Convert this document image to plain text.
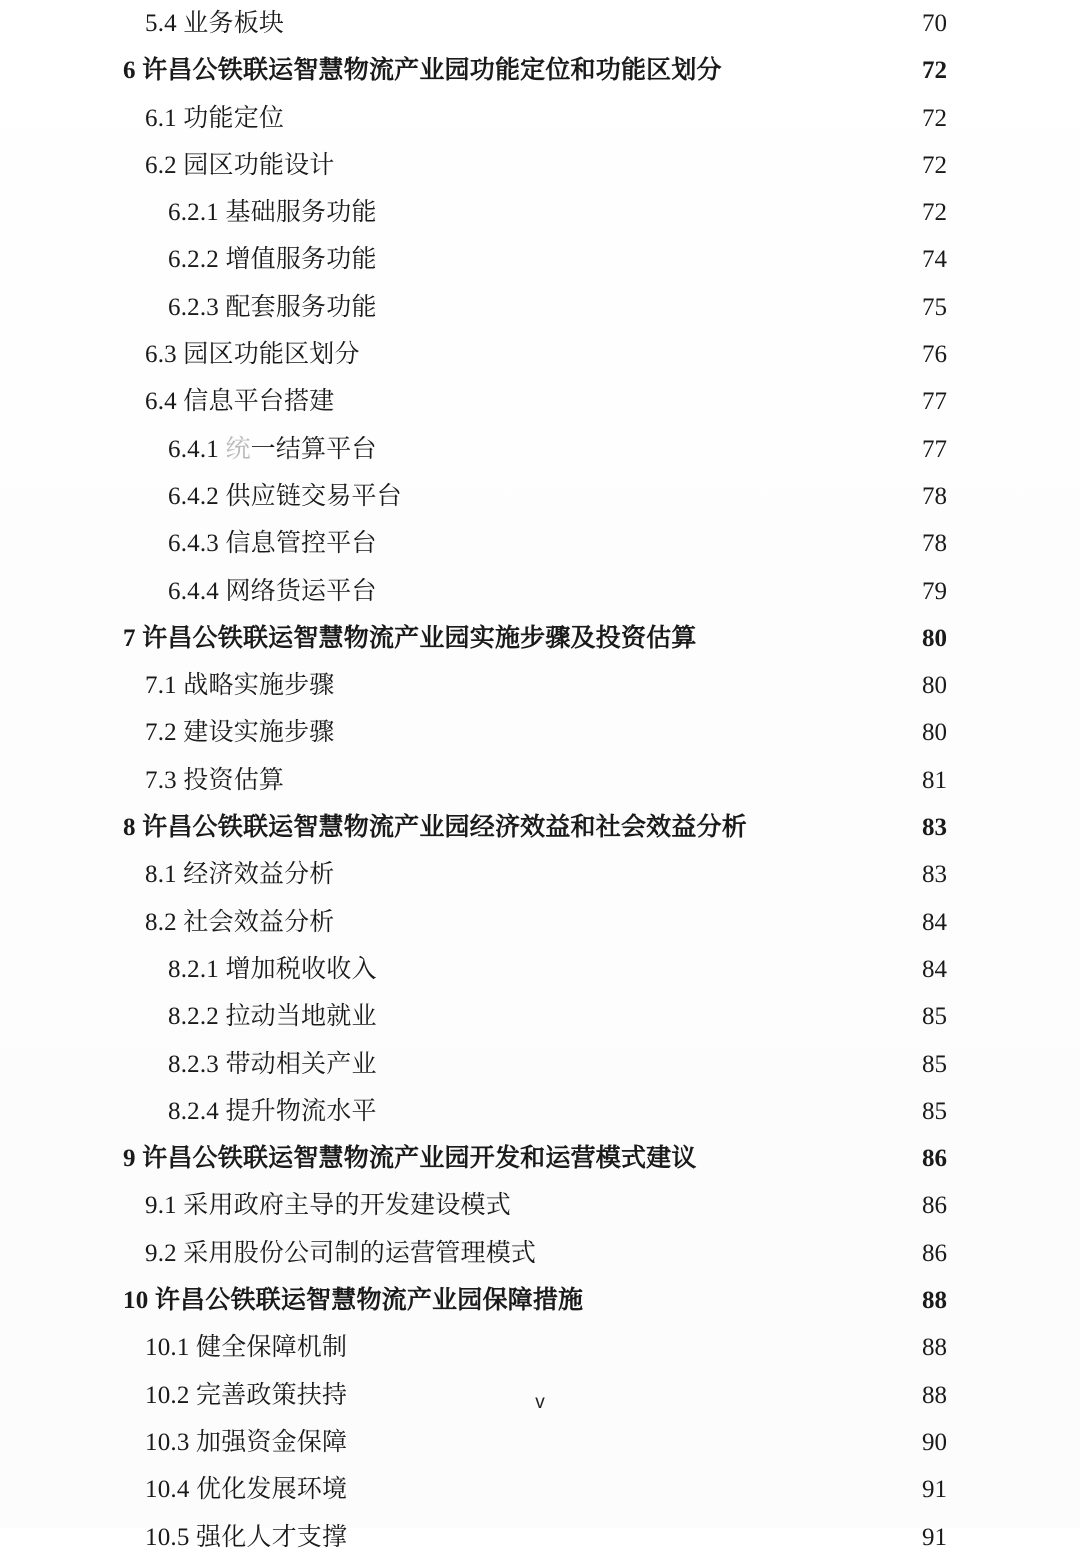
5.4 业务板块 .....	70
6 许昌公铁联运智慧物流产业园功能定位和功能区划分 .....	72
6.1 功能定位 .....	72
6.2 园区功能设计 .....	72
6.2.1 基础服务功能 .....	72
6.2.2 增值服务功能 .....	74
6.2.3 配套服务功能 .....	75
6.3 园区功能区划分 .....	76
6.4 信息平台搭建 .....	77
6.4.1 统一结算平台 .....	77
6.4.2 供应链交易平台 .....	78
6.4.3 信息管控平台 .....	78
6.4.4 网络货运平台 .....	79
7 许昌公铁联运智慧物流产业园实施步骤及投资估算 .....	80
7.1 战略实施步骤 .....	80
7.2 建设实施步骤 .....	80
7.3 投资估算 .....	81
8 许昌公铁联运智慧物流产业园经济效益和社会效益分析 .....	83
8.1 经济效益分析 .....	83
8.2 社会效益分析 .....	84
8.2.1 增加税收收入 .....	84
8.2.2 拉动当地就业 .....	85
8.2.3 带动相关产业 .....	85
8.2.4 提升物流水平 .....	85
9 许昌公铁联运智慧物流产业园开发和运营模式建议 .....	86
9.1 采用政府主导的开发建设模式 .....	86
9.2 采用股份公司制的运营管理模式 .....	86
10 许昌公铁联运智慧物流产业园保障措施 .....	88
10.1 健全保障机制 .....	88
10.2 完善政策扶持 .....	88
10.3 加强资金保障 .....	90
10.4 优化发展环境 .....	91
10.5 强化人才支撑 .....	91
v
